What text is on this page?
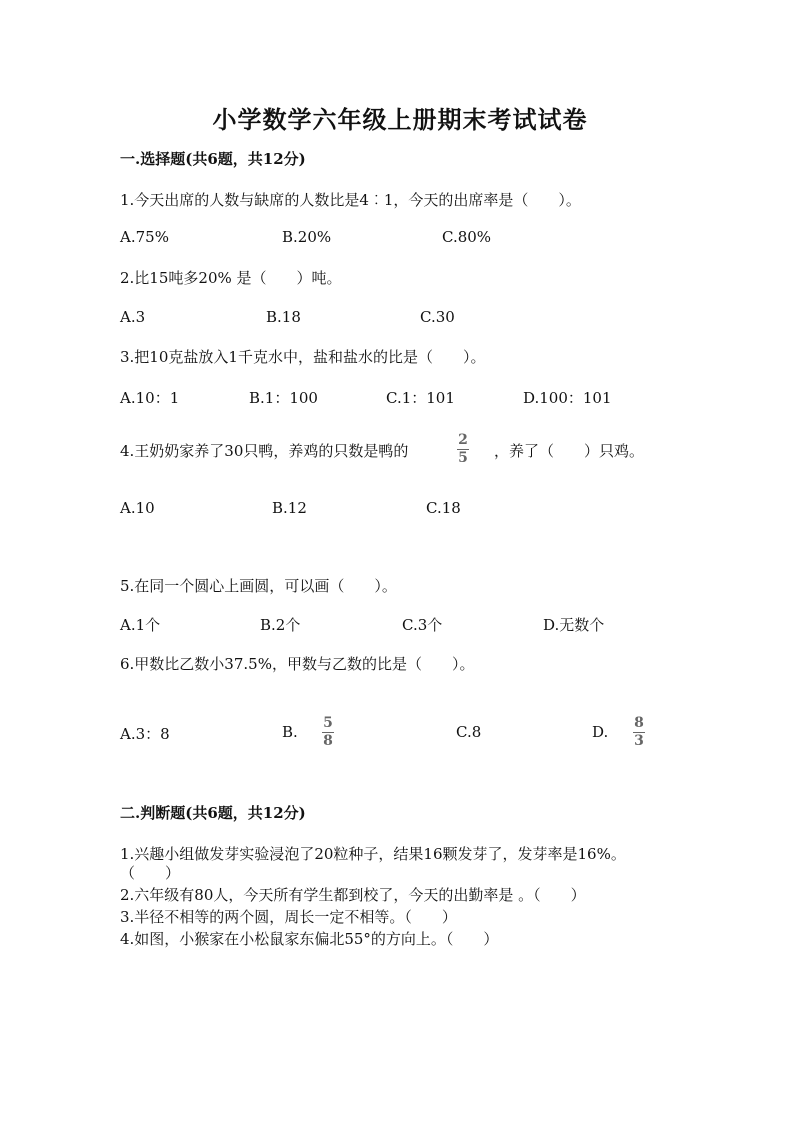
小学数学六年级上册期末考试试卷
一.选择题(共6题，共12分)
1.今天出席的人数与缺席的人数比是4︰1，今天的出席率是（　　）。
A.75%	B.20%	C.80%
2.比15吨多20% 是（　　）吨。
A.3	B.18	C.30
3.把10克盐放入1千克水中，盐和盐水的比是（　　）。
A.10：1	B.1：100	C.1：101	D.100：101
4.王奶奶家养了30只鸭，养鸡的只数是鸭的
2
5 ，养了（　　）只鸡。
A.10	B.12	C.18
5.在同一个圆心上画圆，可以画（　　）。
A.1个	B.2个	C.3个	D.无数个
6.甲数比乙数小37.5%，甲数与乙数的比是（　　）。
A.3：8	B. 5
8	C.8	D. 8
3
二.判断题(共6题，共12分)
1.兴趣小组做发芽实验浸泡了20粒种子，结果16颗发芽了，发芽率是16%。
（　　）
2.六年级有80人，今天所有学生都到校了，今天的出勤率是 。（　　）
3.半径不相等的两个圆，周长一定不相等。（　　）
4.如图，小猴家在小松鼠家东偏北55°的方向上。（　　）
